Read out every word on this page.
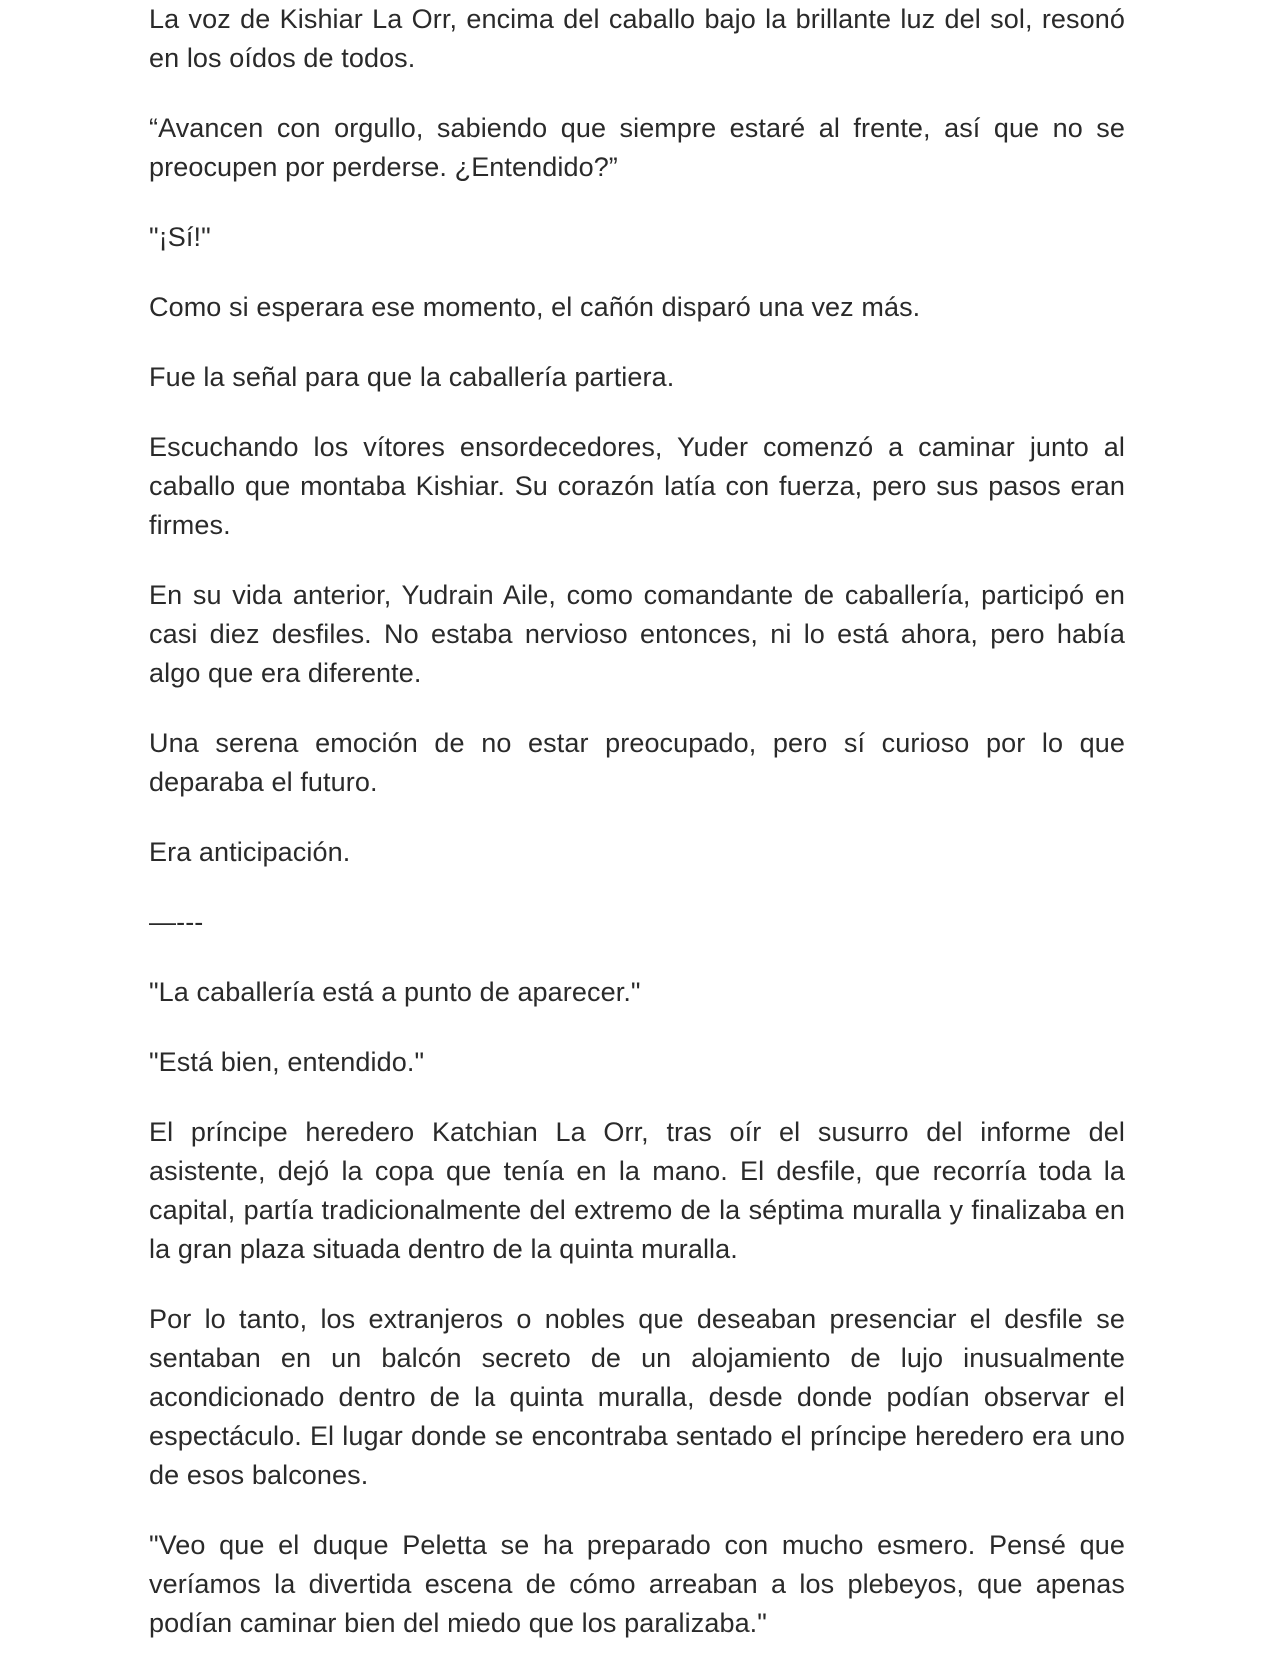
La voz de Kishiar La Orr, encima del caballo bajo la brillante luz del sol, resonó en los oídos de todos.

“Avancen con orgullo, sabiendo que siempre estaré al frente, así que no se preocupen por perderse. ¿Entendido?”

"¡Sí!"

Como si esperara ese momento, el cañón disparó una vez más.

Fue la señal para que la caballería partiera.

Escuchando los vítores ensordecedores, Yuder comenzó a caminar junto al caballo que montaba Kishiar. Su corazón latía con fuerza, pero sus pasos eran firmes.

En su vida anterior, Yudrain Aile, como comandante de caballería, participó en casi diez desfiles. No estaba nervioso entonces, ni lo está ahora, pero había algo que era diferente.

Una serena emoción de no estar preocupado, pero sí curioso por lo que deparaba el futuro.

Era anticipación.

—---

"La caballería está a punto de aparecer."

"Está bien, entendido."

El príncipe heredero Katchian La Orr, tras oír el susurro del informe del asistente, dejó la copa que tenía en la mano. El desfile, que recorría toda la capital, partía tradicionalmente del extremo de la séptima muralla y finalizaba en la gran plaza situada dentro de la quinta muralla.

Por lo tanto, los extranjeros o nobles que deseaban presenciar el desfile se sentaban en un balcón secreto de un alojamiento de lujo inusualmente acondicionado dentro de la quinta muralla, desde donde podían observar el espectáculo. El lugar donde se encontraba sentado el príncipe heredero era uno de esos balcones.

"Veo que el duque Peletta se ha preparado con mucho esmero. Pensé que veríamos la divertida escena de cómo arreaban a los plebeyos, que apenas podían caminar bien del miedo que los paralizaba."
